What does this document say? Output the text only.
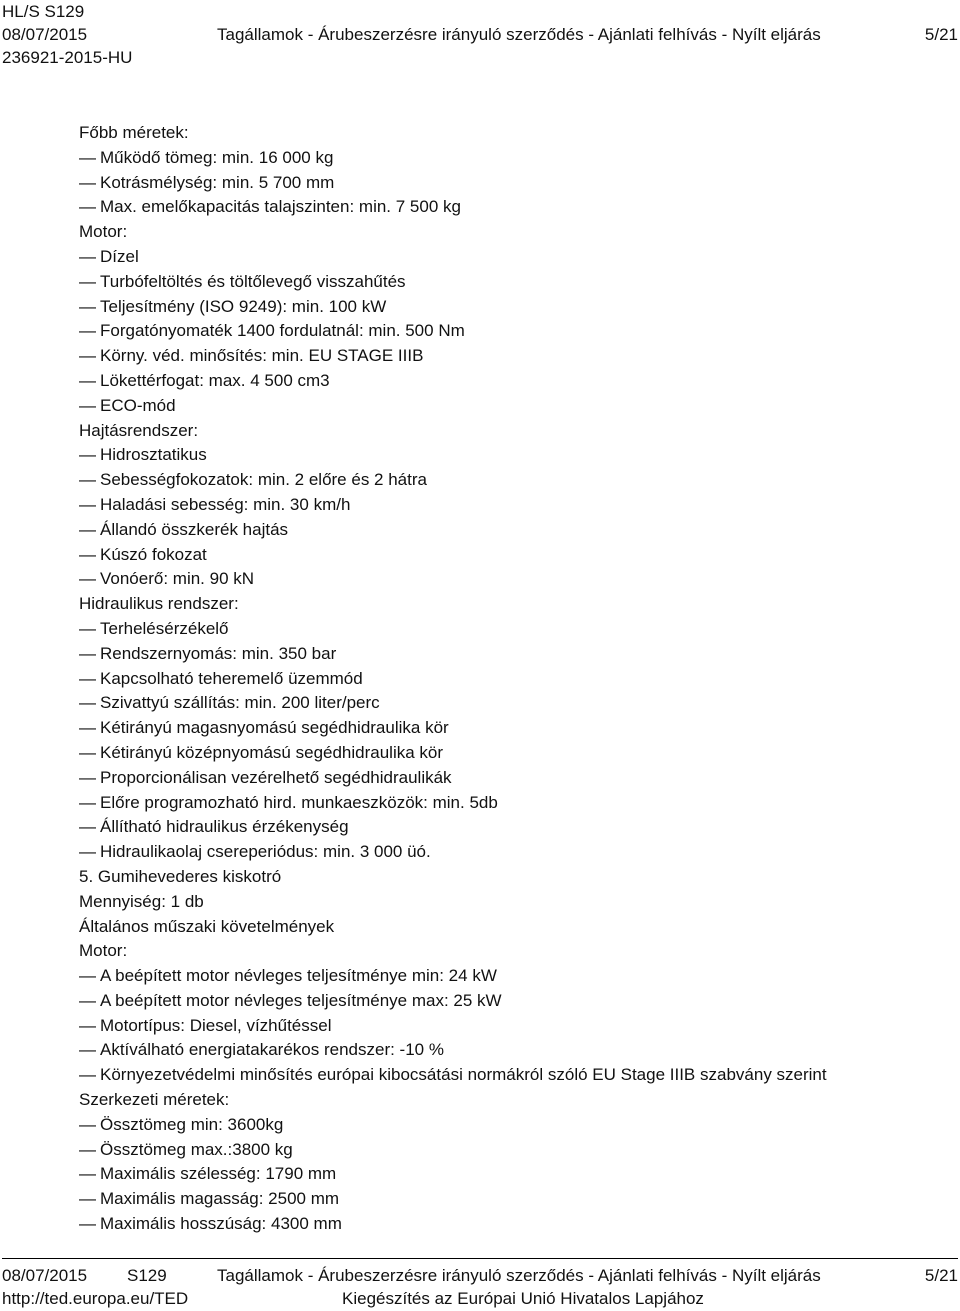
HL/S S129
08/07/2015	Tagállamok - Árubeszerzésre irányuló szerződés - Ajánlati felhívás - Nyílt eljárás	5/21
236921-2015-HU
Főbb méretek:
— Működő tömeg: min. 16 000 kg
— Kotrásmélység: min. 5 700 mm
— Max. emelőkapacitás talajszinten: min. 7 500 kg
Motor:
— Dízel
— Turbófeltöltés és töltőlevegő visszahűtés
— Teljesítmény (ISO 9249): min. 100 kW
— Forgatónyomaték 1400 fordulatnál: min. 500 Nm
— Körny. véd. minősítés: min. EU STAGE IIIB
— Lökettérfogat: max. 4 500 cm3
— ECO-mód
Hajtásrendszer:
— Hidrosztatikus
— Sebességfokozatok: min. 2 előre és 2 hátra
— Haladási sebesség: min. 30 km/h
— Állandó összkerék hajtás
— Kúszó fokozat
— Vonóerő: min. 90 kN
Hidraulikus rendszer:
— Terhelésérzékelő
— Rendszernyomás: min. 350 bar
— Kapcsolható teheremelő üzemmód
— Szivattyú szállítás: min. 200 liter/perc
— Kétirányú magasnyomású segédhidraulika kör
— Kétirányú középnyomású segédhidraulika kör
— Proporcionálisan vezérelhető segédhidraulikák
— Előre programozható hird. munkaeszközök: min. 5db
— Állítható hidraulikus érzékenység
— Hidraulikaolaj csereperiódus: min. 3 000 üó.
5. Gumihevederes kiskotró
Mennyiség: 1 db
Általános műszaki követelmények
Motor:
— A beépített motor névleges teljesítménye min: 24 kW
— A beépített motor névleges teljesítménye max: 25 kW
— Motortípus: Diesel, vízhűtéssel
— Aktíválható energiatakarékos rendszer: -10 %
— Környezetvédelmi minősítés európai kibocsátási normákról szóló EU Stage IIIB szabvány szerint
Szerkezeti méretek:
— Össztömeg min: 3600kg
— Össztömeg max.:3800 kg
— Maximális szélesség: 1790 mm
— Maximális magasság: 2500 mm
— Maximális hosszúság: 4300 mm
08/07/2015 S129	Tagállamok - Árubeszerzésre irányuló szerződés - Ajánlati felhívás - Nyílt eljárás	5/21
http://ted.europa.eu/TED	Kiegészítés az Európai Unió Hivatalos Lapjához
